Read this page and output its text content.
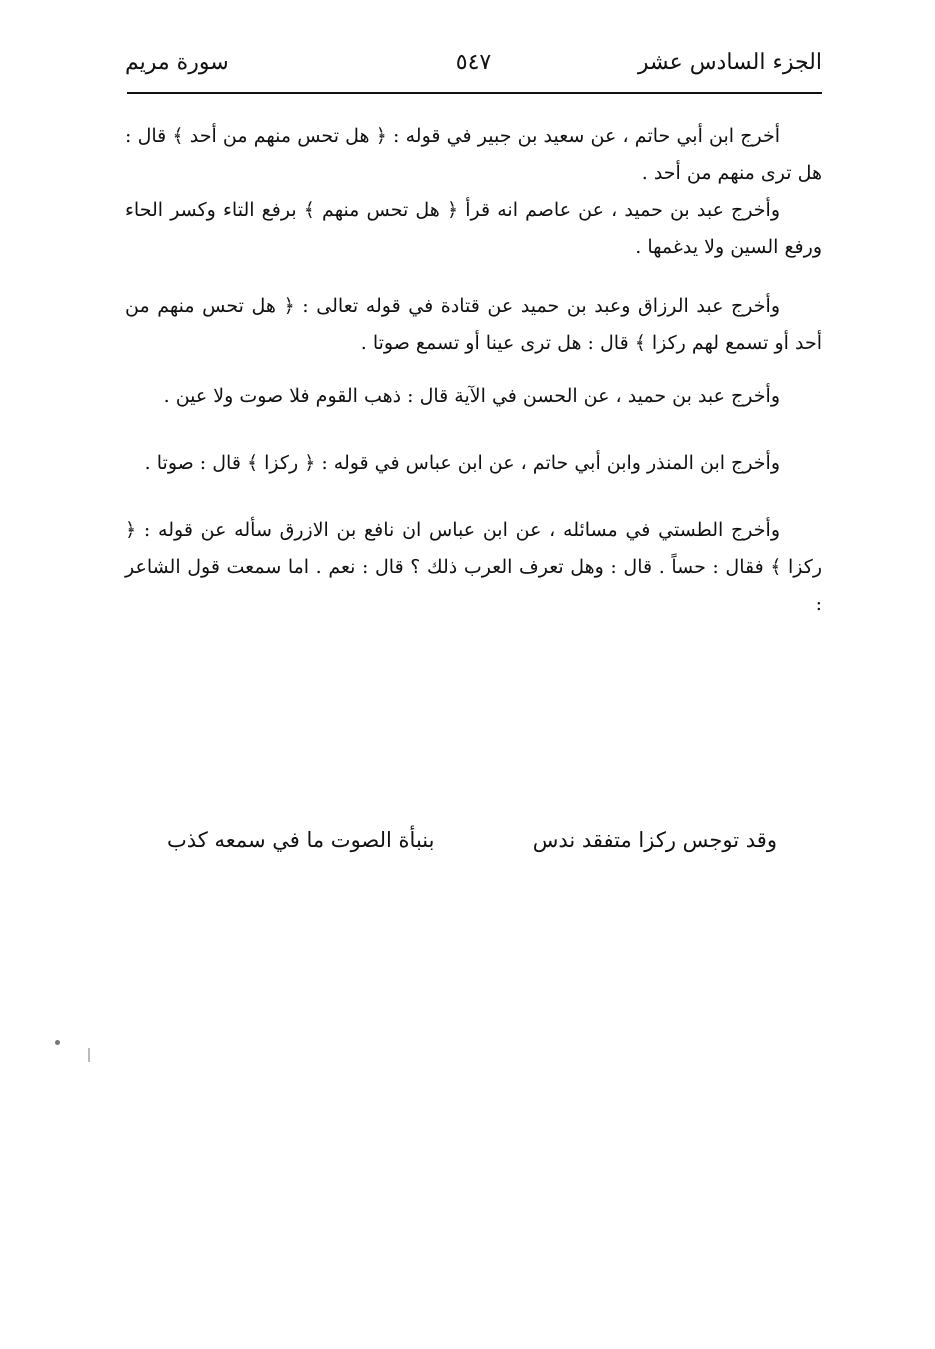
الجزء السادس عشر
٥٤٧
سورة مريم

أخرج ابن أبي حاتم ، عن سعيد بن جبير في قوله : ﴿ هل تحس منهم من أحد ﴾ قال : هل ترى منهم من أحد .

وأخرج عبد بن حميد ، عن عاصم انه قرأ ﴿ هل تحس منهم ﴾ برفع التاء وكسر الحاء ورفع السين ولا يدغمها .

وأخرج عبد الرزاق وعبد بن حميد عن قتادة في قوله تعالى : ﴿ هل تحس منهم من أحد أو تسمع لهم ركزا ﴾ قال : هل ترى عينا أو تسمع صوتا .

وأخرج عبد بن حميد ، عن الحسن في الآية قال : ذهب القوم فلا صوت ولا عين .

وأخرج ابن المنذر وابن أبي حاتم ، عن ابن عباس في قوله : ﴿ ركزا ﴾ قال : صوتا .

وأخرج الطستي في مسائله ، عن ابن عباس ان نافع بن الازرق سأله عن قوله : ﴿ ركزا ﴾ فقال : حساً . قال : وهل تعرف العرب ذلك ؟ قال : نعم . اما سمعت قول الشاعر :

وقد توجس ركزا متفقد ندس
بنبأة الصوت ما في سمعه كذب
